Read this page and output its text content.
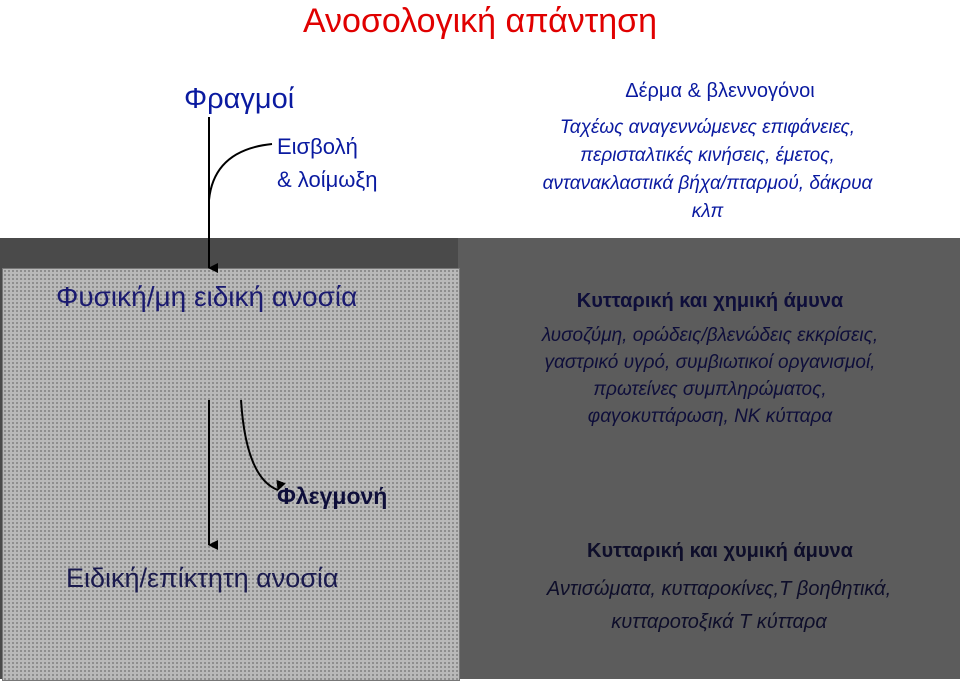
Ανοσολογική απάντηση
Φραγμοί
Εισβολή
& λοίμωξη
Δέρμα & βλεννογόνοι
Ταχέως αναγεννώμενες επιφάνειες,
περισταλτικές κινήσεις, έμετος,
αντανακλαστικά βήχα/πταρμού, δάκρυα
κλπ
Φυσική/μη ειδική ανοσία	Κυτταρική και χημική άμυνα
λυσοζύμη, ορώδεις/βλενώδεις εκκρίσεις,
γαστρικό υγρό, συμβιωτικοί οργανισμοί,
πρωτείνες συμπληρώματος,
φαγοκυττάρωση, NK κύτταρα
Φλεγμονή
Ειδική/επίκτητη ανοσία
Κυτταρική και χυμική άμυνα
Αντισώματα, κυτταροκίνες,T βοηθητικά,
κυτταροτοξικά T κύτταρα
